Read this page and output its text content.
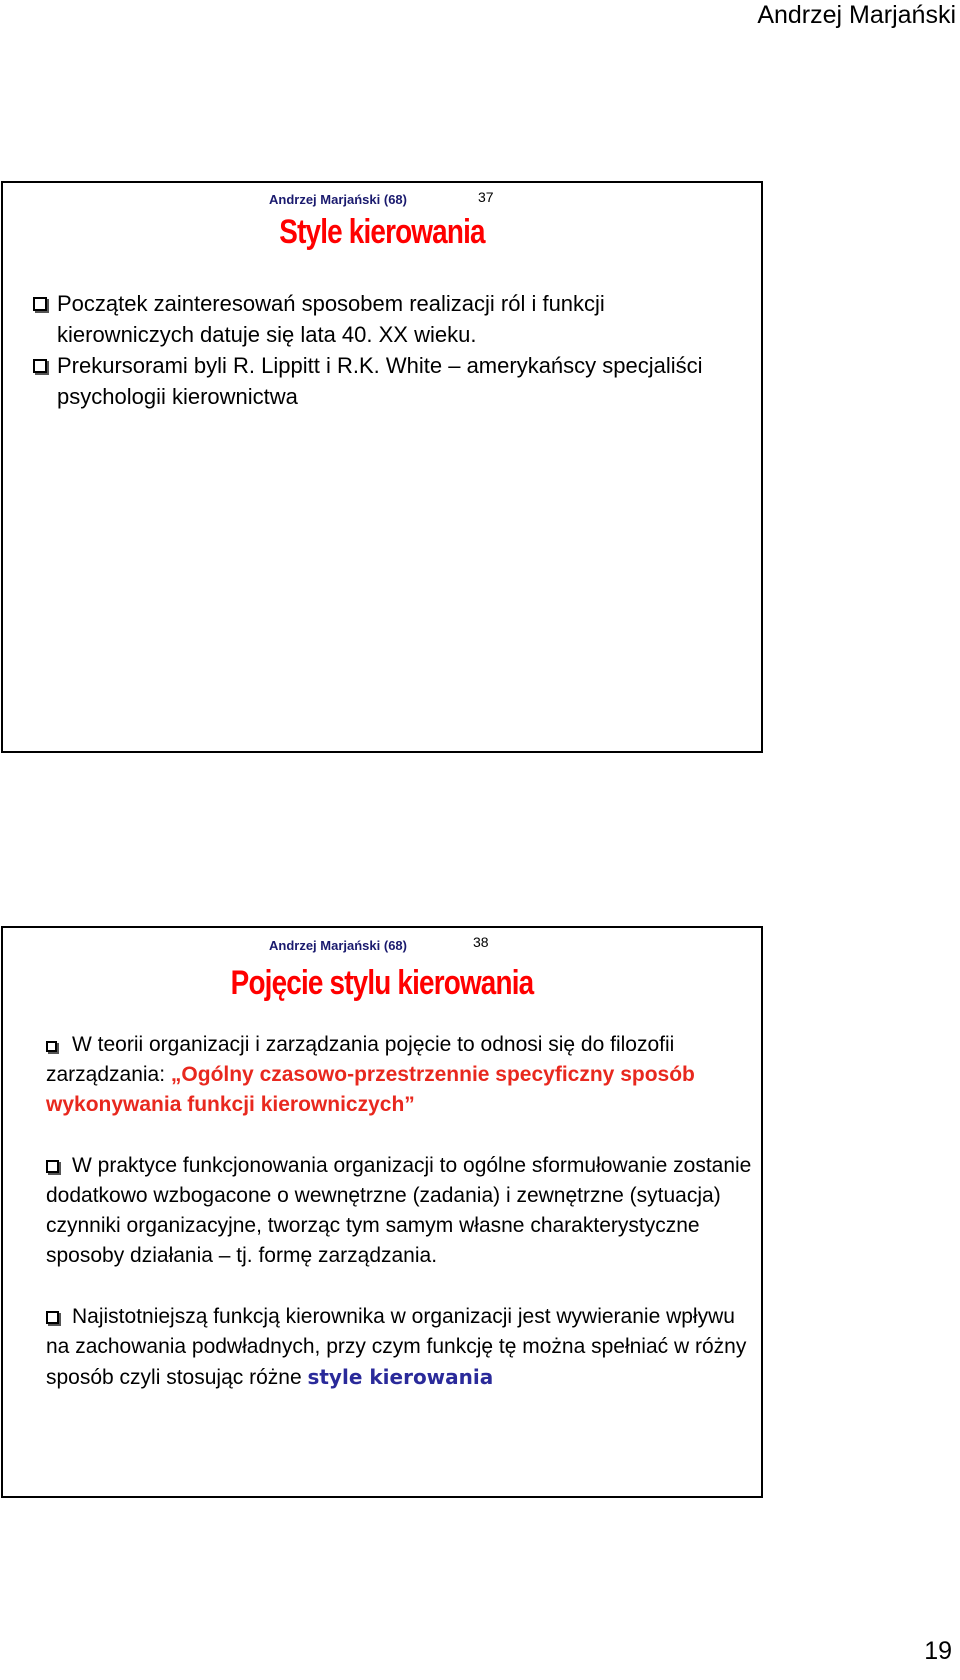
Andrzej Marjański
Andrzej Marjański (68)	37
Style kierowania
Początek zainteresowań sposobem realizacji ról i funkcji kierowniczych datuje się lata 40. XX wieku.
Prekursorami byli R. Lippitt i R.K. White – amerykańscy specjaliści psychologii kierownictwa
Andrzej Marjański (68)	38
Pojęcie stylu kierowania
W teorii organizacji i zarządzania pojęcie to odnosi się do filozofii zarządzania: „Ogólny czasowo-przestrzennie specyficzny sposób wykonywania funkcji kierowniczych”
W praktyce funkcjonowania organizacji to ogólne sformułowanie zostanie dodatkowo wzbogacone o wewnętrzne (zadania) i zewnętrzne (sytuacja) czynniki organizacyjne, tworząc tym samym własne charakterystyczne sposoby działania – tj. formę zarządzania.
Najistotniejszą funkcją kierownika w organizacji jest wywieranie wpływu na zachowania podwładnych, przy czym funkcję tę można spełniać w różny sposób czyli stosując różne style kierowania
19
